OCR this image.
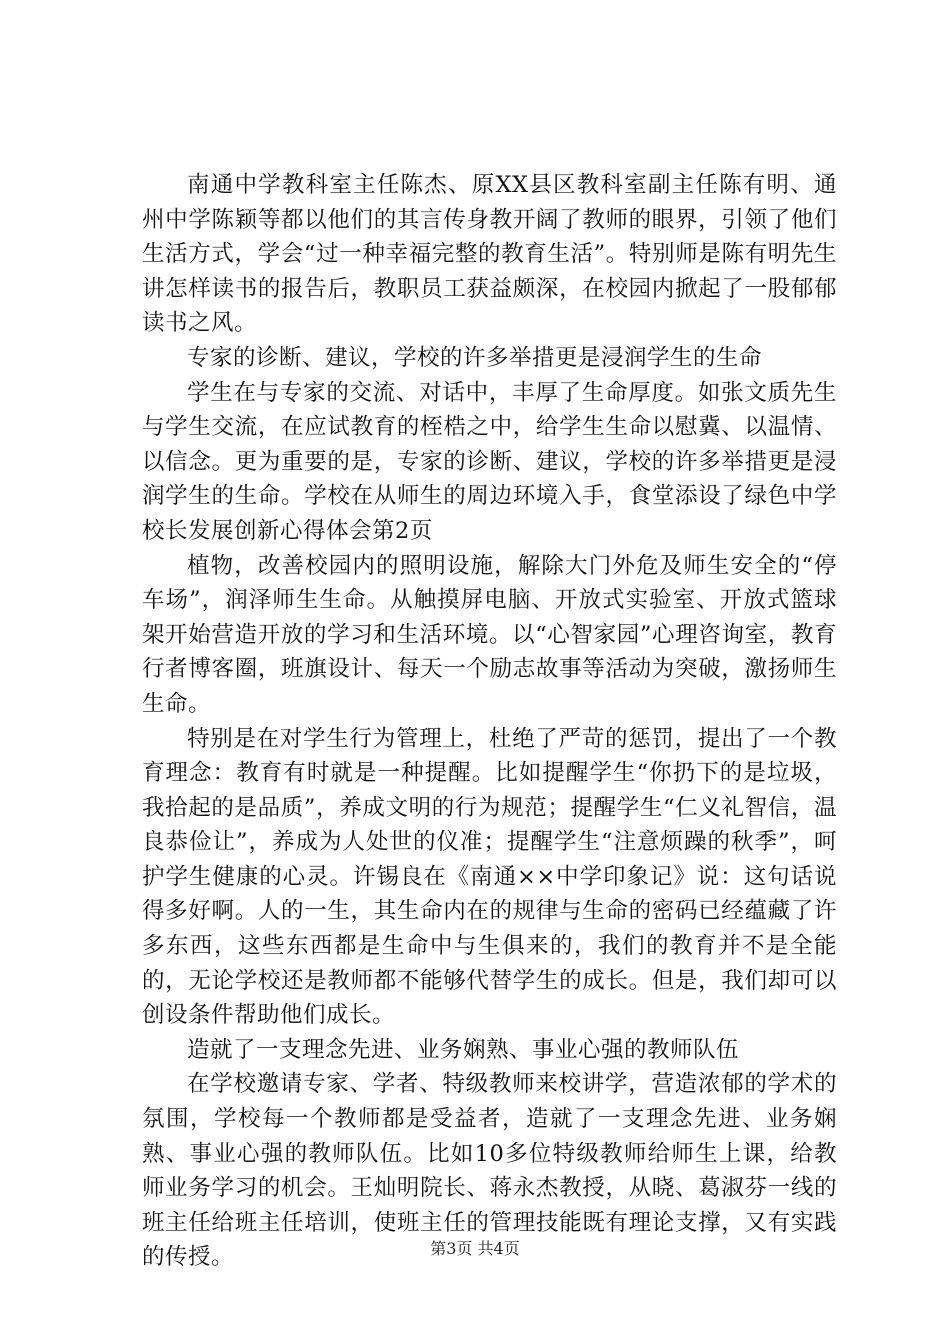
南通中学教科室主任陈杰、原XX县区教科室副主任陈有明、通州中学陈颖等都以他们的其言传身教开阔了教师的眼界，引领了他们生活方式，学会“过一种幸福完整的教育生活”。特别师是陈有明先生讲怎样读书的报告后，教职员工获益颇深，在校园内掀起了一股郁郁读书之风。

专家的诊断、建议，学校的许多举措更是浸润学生的生命

学生在与专家的交流、对话中，丰厚了生命厚度。如张文质先生与学生交流，在应试教育的桎梏之中，给学生生命以慰冀、以温情、以信念。更为重要的是，专家的诊断、建议，学校的许多举措更是浸润学生的生命。学校在从师生的周边环境入手，食堂添设了绿色中学校长发展创新心得体会第2页

植物，改善校园内的照明设施，解除大门外危及师生安全的“停车场”，润泽师生生命。从触摸屏电脑、开放式实验室、开放式篮球架开始营造开放的学习和生活环境。以“心智家园”心理咨询室，教育行者博客圈，班旗设计、每天一个励志故事等活动为突破，激扬师生生命。

特别是在对学生行为管理上，杜绝了严苛的惩罚，提出了一个教育理念：教育有时就是一种提醒。比如提醒学生“你扔下的是垃圾，我拾起的是品质”，养成文明的行为规范；提醒学生“仁义礼智信，温良恭俭让”，养成为人处世的仪准；提醒学生“注意烦躁的秋季”，呵护学生健康的心灵。许锡良在《南通××中学印象记》说：这句话说得多好啊。人的一生，其生命内在的规律与生命的密码已经蕴藏了许多东西，这些东西都是生命中与生俱来的，我们的教育并不是全能的，无论学校还是教师都不能够代替学生的成长。但是，我们却可以创设条件帮助他们成长。

造就了一支理念先进、业务娴熟、事业心强的教师队伍

在学校邀请专家、学者、特级教师来校讲学，营造浓郁的学术的氛围，学校每一个教师都是受益者，造就了一支理念先进、业务娴熟、事业心强的教师队伍。比如10多位特级教师给师生上课，给教师业务学习的机会。王灿明院长、蒋永杰教授，从晓、葛淑芬一线的班主任给班主任培训，使班主任的管理技能既有理论支撑，又有实践的传授。	第3页 共4页
